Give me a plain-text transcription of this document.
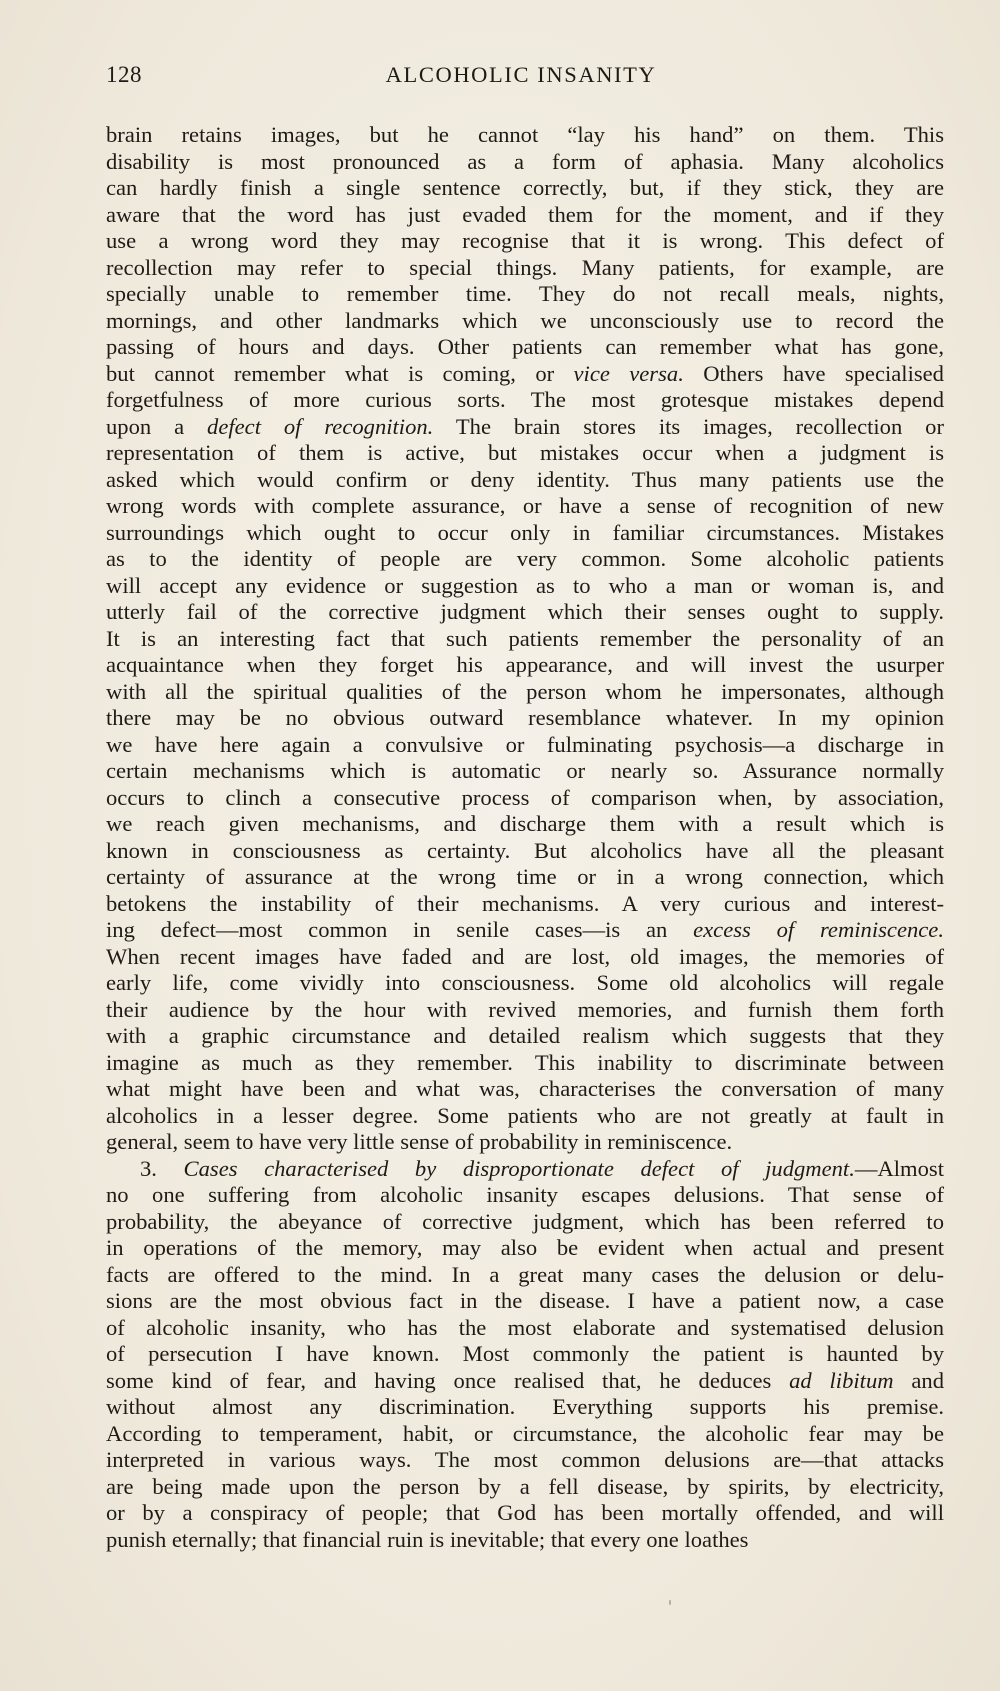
128	ALCOHOLIC INSANITY
brain retains images, but he cannot “lay his hand” on them. This
disability is most pronounced as a form of aphasia. Many alcoholics
can hardly finish a single sentence correctly, but, if they stick, they are
aware that the word has just evaded them for the moment, and if they
use a wrong word they may recognise that it is wrong. This defect of
recollection may refer to special things. Many patients, for example, are
specially unable to remember time. They do not recall meals, nights,
mornings, and other landmarks which we unconsciously use to record the
passing of hours and days. Other patients can remember what has gone,
but cannot remember what is coming, or vice versa. Others have specialised
forgetfulness of more curious sorts. The most grotesque mistakes depend
upon a defect of recognition. The brain stores its images, recollection or
representation of them is active, but mistakes occur when a judgment is
asked which would confirm or deny identity. Thus many patients use the
wrong words with complete assurance, or have a sense of recognition of new
surroundings which ought to occur only in familiar circumstances. Mistakes
as to the identity of people are very common. Some alcoholic patients
will accept any evidence or suggestion as to who a man or woman is, and
utterly fail of the corrective judgment which their senses ought to supply.
It is an interesting fact that such patients remember the personality of an
acquaintance when they forget his appearance, and will invest the usurper
with all the spiritual qualities of the person whom he impersonates, although
there may be no obvious outward resemblance whatever. In my opinion
we have here again a convulsive or fulminating psychosis—a discharge in
certain mechanisms which is automatic or nearly so. Assurance normally
occurs to clinch a consecutive process of comparison when, by association,
we reach given mechanisms, and discharge them with a result which is
known in consciousness as certainty. But alcoholics have all the pleasant
certainty of assurance at the wrong time or in a wrong connection, which
betokens the instability of their mechanisms. A very curious and interest-
ing defect—most common in senile cases—is an excess of reminiscence.
When recent images have faded and are lost, old images, the memories of
early life, come vividly into consciousness. Some old alcoholics will regale
their audience by the hour with revived memories, and furnish them forth
with a graphic circumstance and detailed realism which suggests that they
imagine as much as they remember. This inability to discriminate between
what might have been and what was, characterises the conversation of many
alcoholics in a lesser degree. Some patients who are not greatly at fault in
general, seem to have very little sense of probability in reminiscence.
3. Cases characterised by disproportionate defect of judgment.—Almost
no one suffering from alcoholic insanity escapes delusions. That sense of
probability, the abeyance of corrective judgment, which has been referred to
in operations of the memory, may also be evident when actual and present
facts are offered to the mind. In a great many cases the delusion or delu-
sions are the most obvious fact in the disease. I have a patient now, a case
of alcoholic insanity, who has the most elaborate and systematised delusion
of persecution I have known. Most commonly the patient is haunted by
some kind of fear, and having once realised that, he deduces ad libitum and
without almost any discrimination. Everything supports his premise.
According to temperament, habit, or circumstance, the alcoholic fear may be
interpreted in various ways. The most common delusions are—that attacks
are being made upon the person by a fell disease, by spirits, by electricity,
or by a conspiracy of people; that God has been mortally offended, and will
punish eternally; that financial ruin is inevitable; that every one loathes
